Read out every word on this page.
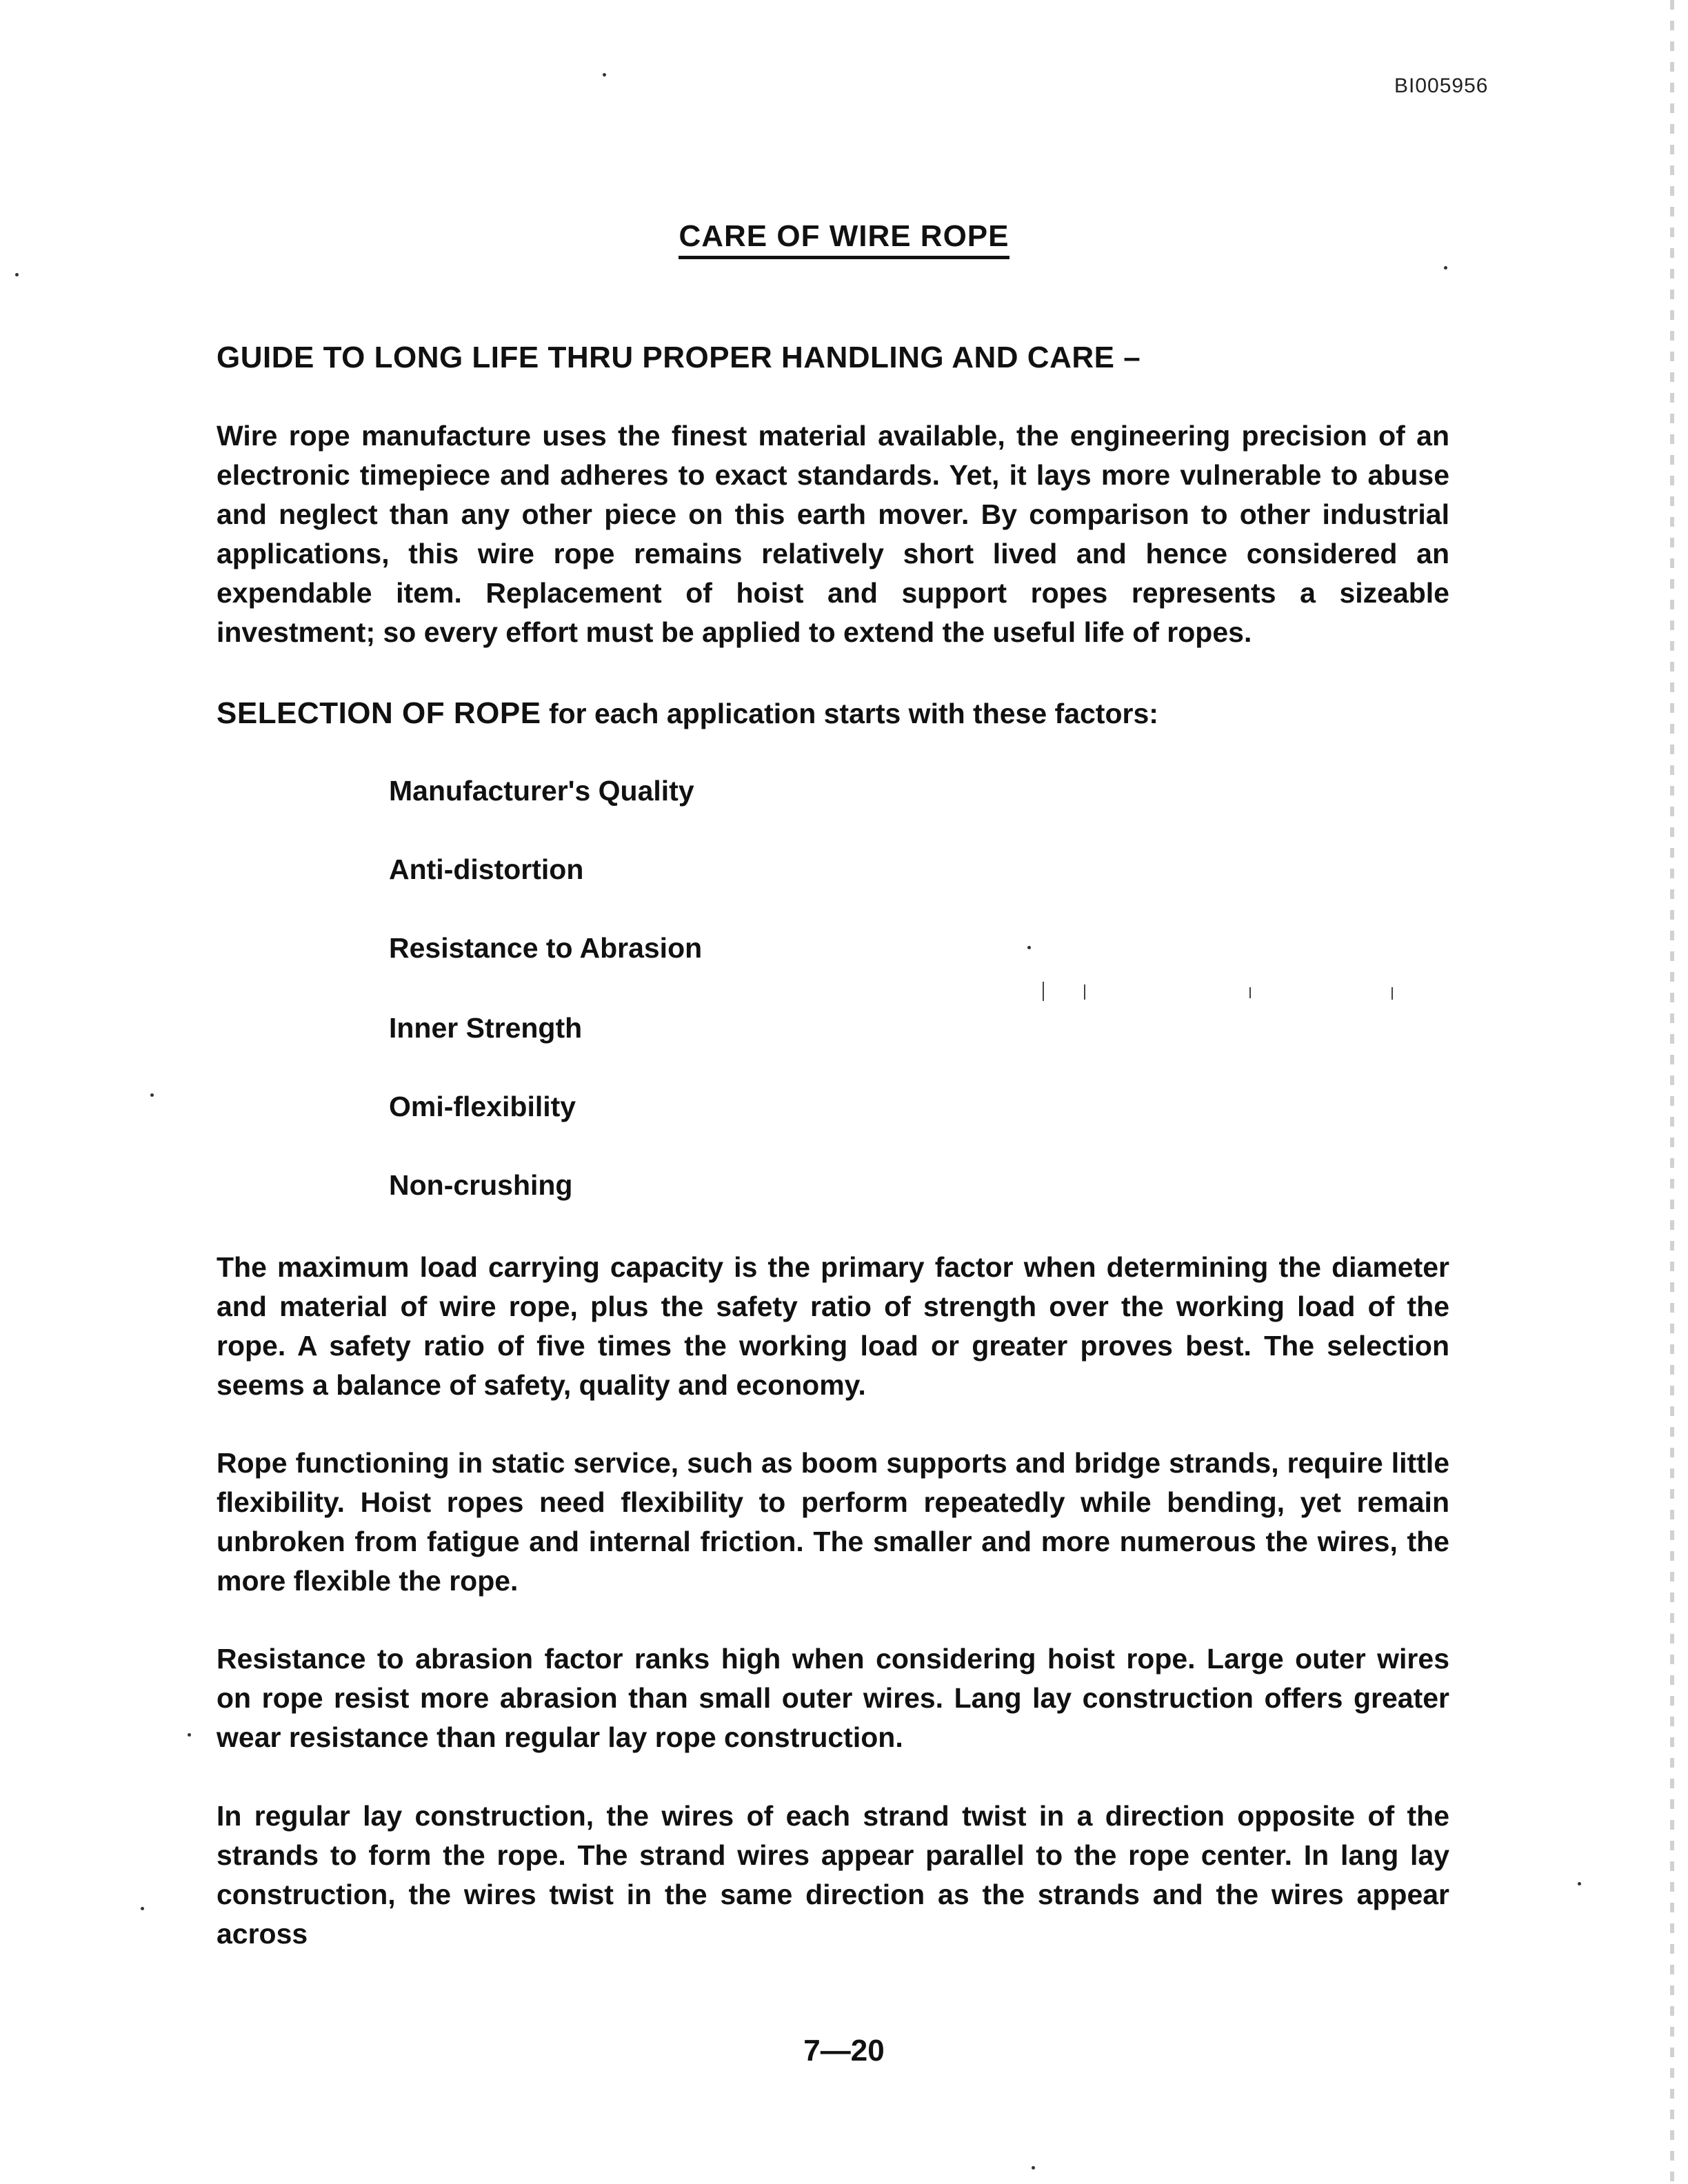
BI005956
CARE OF WIRE ROPE
GUIDE TO LONG LIFE THRU PROPER HANDLING AND CARE –
Wire rope manufacture uses the finest material available, the engineering precision of an electronic timepiece and adheres to exact standards. Yet, it lays more vulnerable to abuse and neglect than any other piece on this earth mover. By comparison to other industrial applications, this wire rope remains relatively short lived and hence considered an expendable item. Replacement of hoist and support ropes represents a sizeable investment; so every effort must be applied to extend the useful life of ropes.
SELECTION OF ROPE for each application starts with these factors:
Manufacturer's Quality
Anti-distortion
Resistance to Abrasion
Inner Strength
Omi-flexibility
Non-crushing
The maximum load carrying capacity is the primary factor when determining the diameter and material of wire rope, plus the safety ratio of strength over the working load of the rope. A safety ratio of five times the working load or greater proves best. The selection seems a balance of safety, quality and economy.
Rope functioning in static service, such as boom supports and bridge strands, require little flexibility. Hoist ropes need flexibility to perform repeatedly while bending, yet remain unbroken from fatigue and internal friction. The smaller and more numerous the wires, the more flexible the rope.
Resistance to abrasion factor ranks high when considering hoist rope. Large outer wires on rope resist more abrasion than small outer wires. Lang lay construction offers greater wear resistance than regular lay rope construction.
In regular lay construction, the wires of each strand twist in a direction opposite of the strands to form the rope. The strand wires appear parallel to the rope center. In lang lay construction, the wires twist in the same direction as the strands and the wires appear across
7—20
